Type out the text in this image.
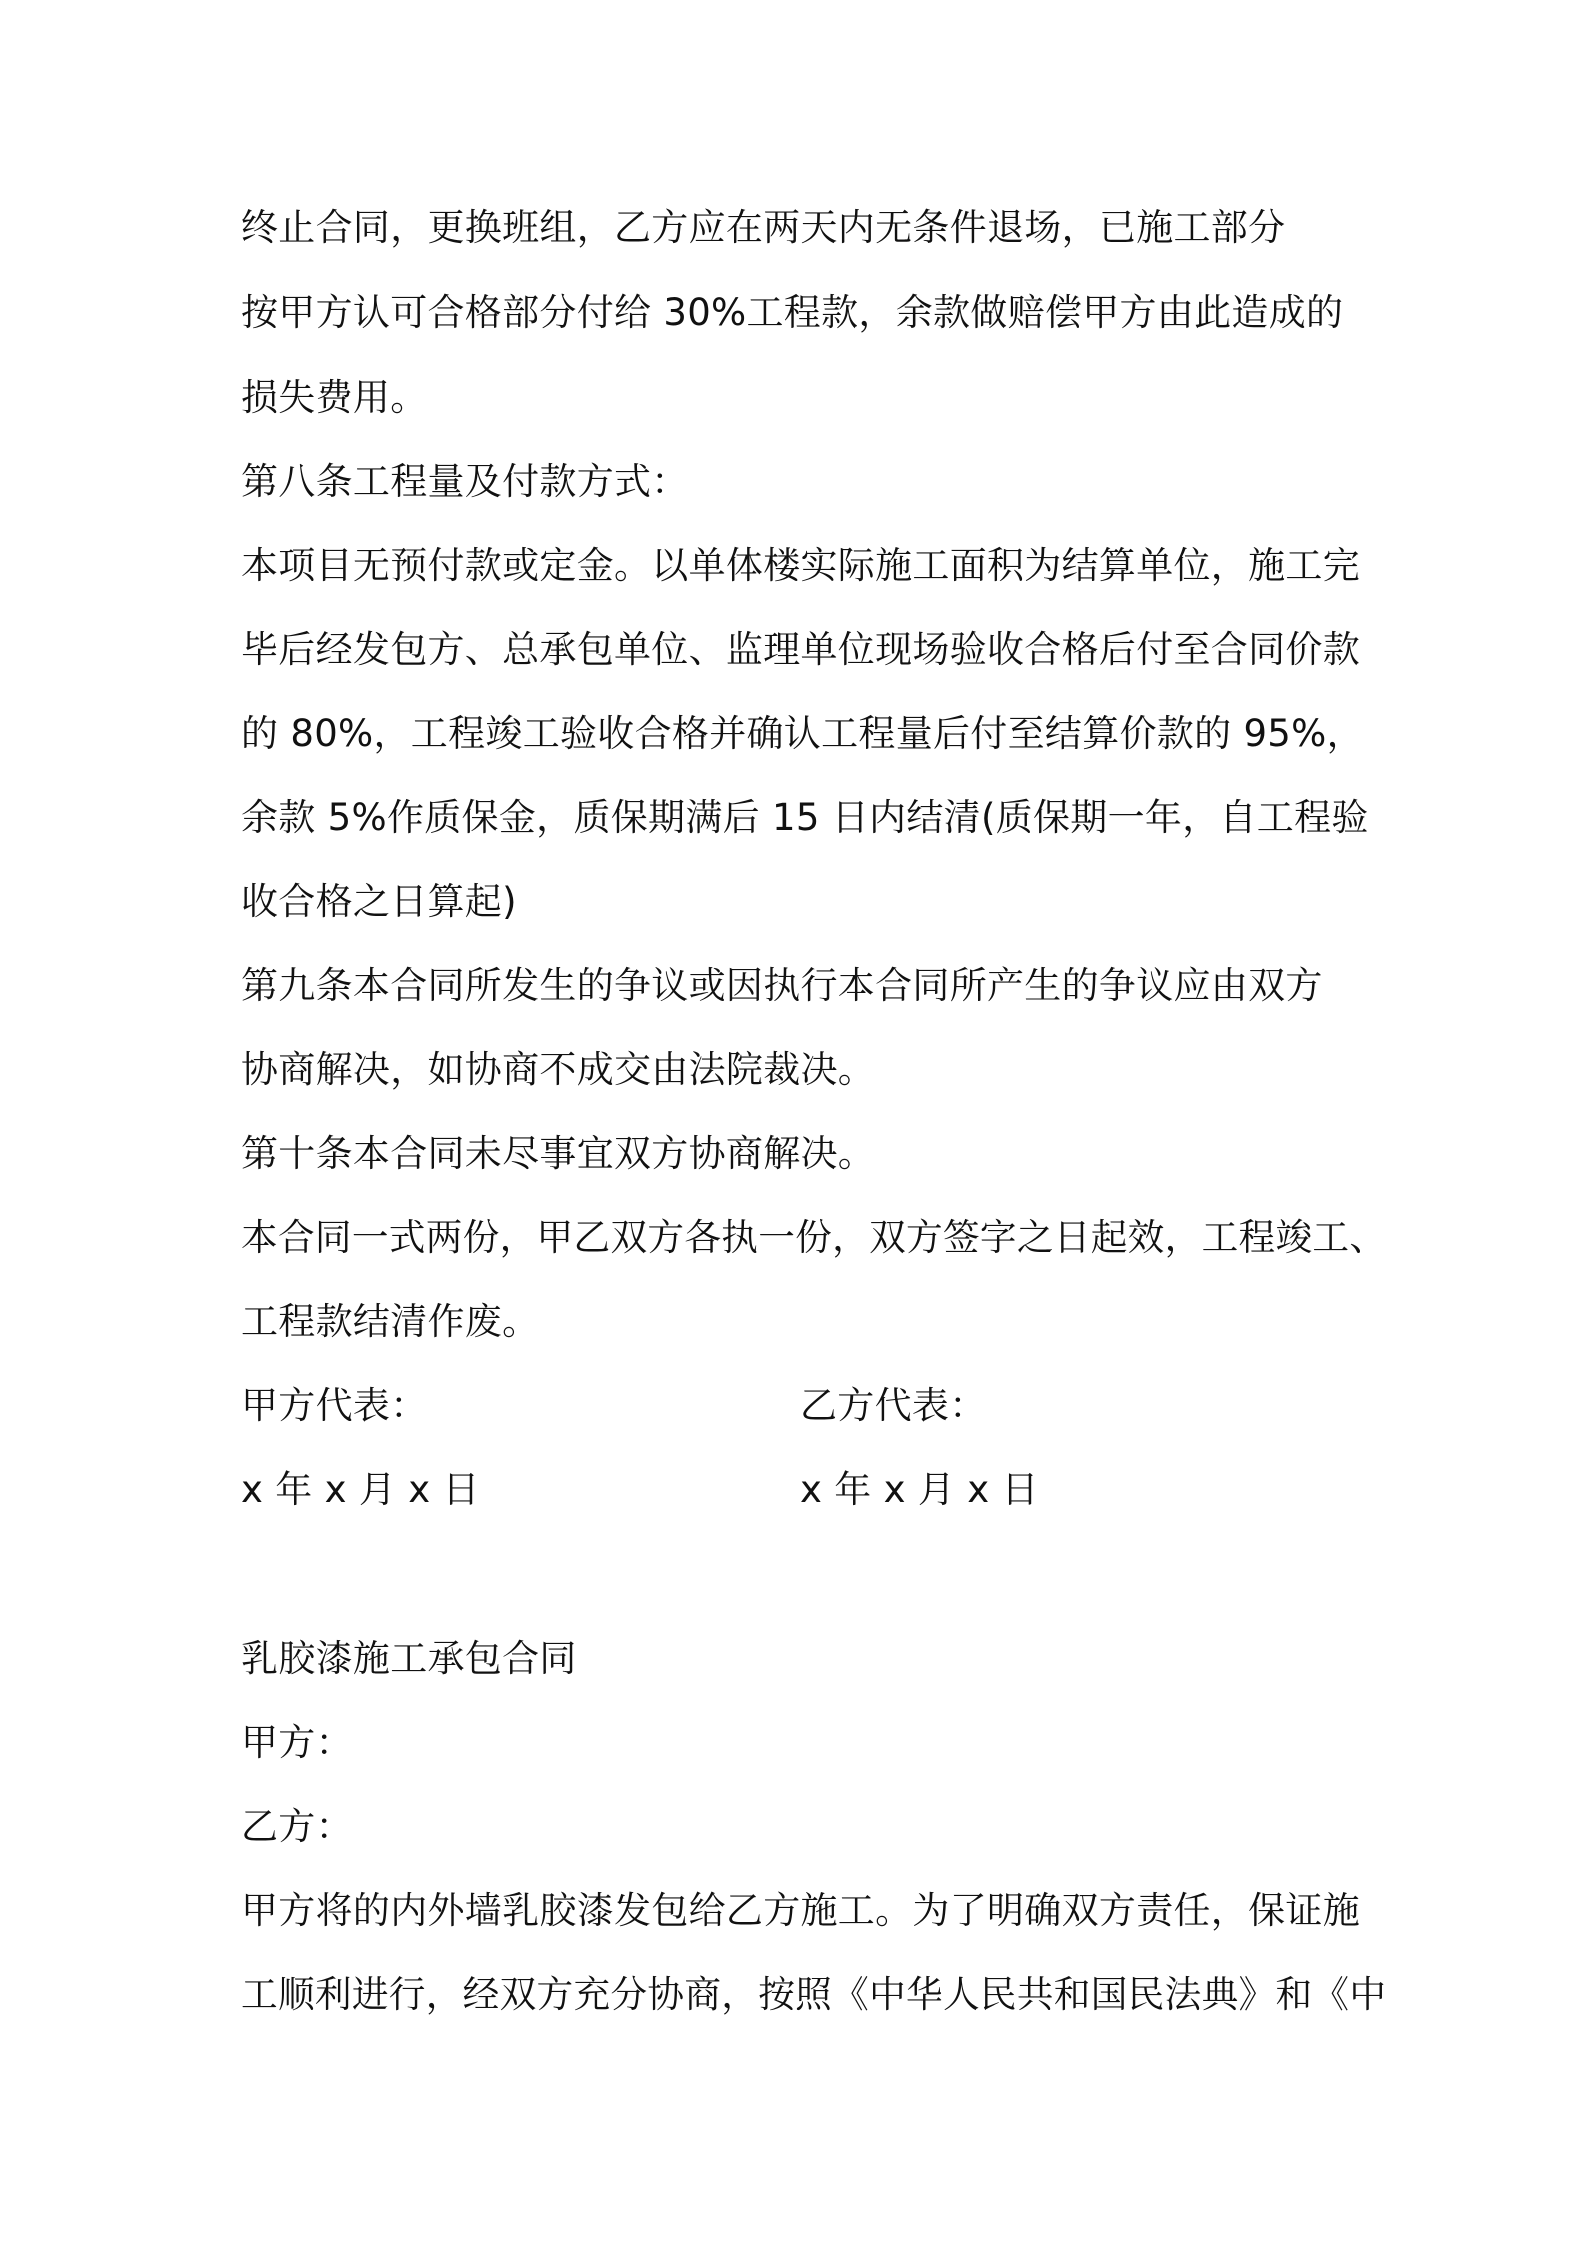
终止合同，更换班组，乙方应在两天内无条件退场，已施工部分
按甲方认可合格部分付给 30%工程款，余款做赔偿甲方由此造成的
损失费用。
第八条工程量及付款方式：
本项目无预付款或定金。以单体楼实际施工面积为结算单位，施工完
毕后经发包方、总承包单位、监理单位现场验收合格后付至合同价款
的 80%，工程竣工验收合格并确认工程量后付至结算价款的 95%，
余款 5%作质保金，质保期满后 15 日内结清(质保期一年，自工程验
收合格之日算起)
第九条本合同所发生的争议或因执行本合同所产生的争议应由双方
协商解决，如协商不成交由法院裁决。
第十条本合同未尽事宜双方协商解决。
本合同一式两份，甲乙双方各执一份，双方签字之日起效，工程竣工、
工程款结清作废。
甲方代表：	乙方代表：
x 年 x 月 x 日	x 年 x 月 x 日
乳胶漆施工承包合同
甲方：
乙方：
甲方将的内外墙乳胶漆发包给乙方施工。为了明确双方责任，保证施
工顺利进行，经双方充分协商，按照《中华人民共和国民法典》和《中
